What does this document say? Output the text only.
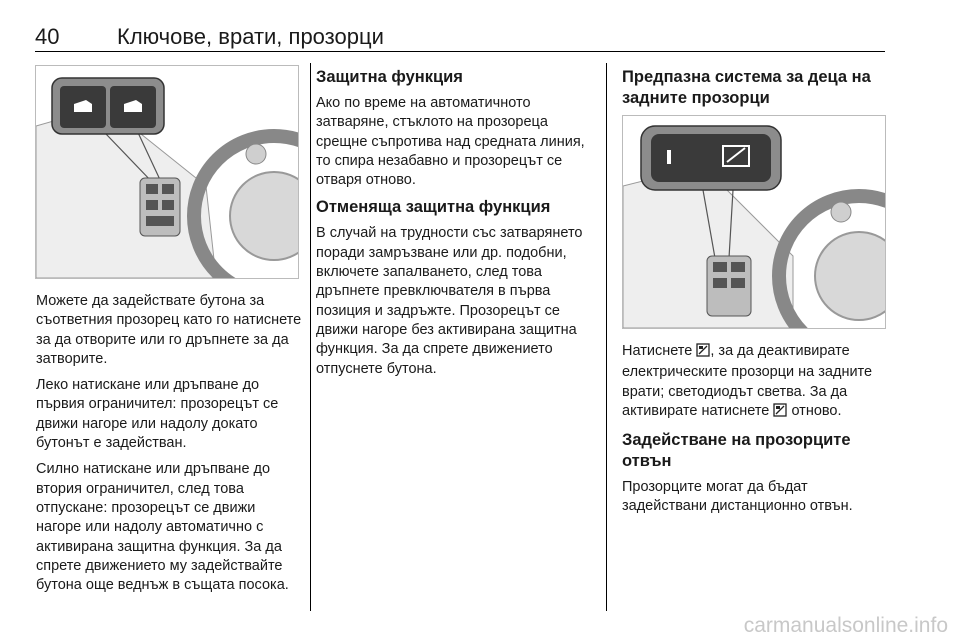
40	Ключове, врати, прозорци

Можете да задействате бутона за съответния прозорец като го натиснете за да отворите или го дръпнете за да затворите.

Леко натискане или дръпване до първия ограничител: прозорецът се движи нагоре или надолу докато бутонът е задействан.

Силно натискане или дръпване до втория ограничител, след това отпускане: прозорецът се движи нагоре или надолу автоматично с активирана защитна функция. За да спрете движението му задействайте бутона още веднъж в същата посока.

Защитна функция

Ако по време на автоматичното затваряне, стъклото на прозореца срещне съпротива над средната линия, то спира незабавно и прозорецът се отваря отново.

Отменяща защитна функция

В случай на трудности със затварянето поради замръзване или др. подобни, включете запалването, след това дръпнете превключвателя в първа позиция и задръжте. Прозорецът се движи нагоре без активирана защитна функция. За да спрете движението отпуснете бутона.

Предпазна система за деца на задните прозорци

Натиснете , за да деактивирате електрическите прозорци на задните врати; светодиодът светва. За да активирате натиснете отново.

Задействане на прозорците отвън

Прозорците могат да бъдат задействани дистанционно отвън.

carmanualsonline.info
